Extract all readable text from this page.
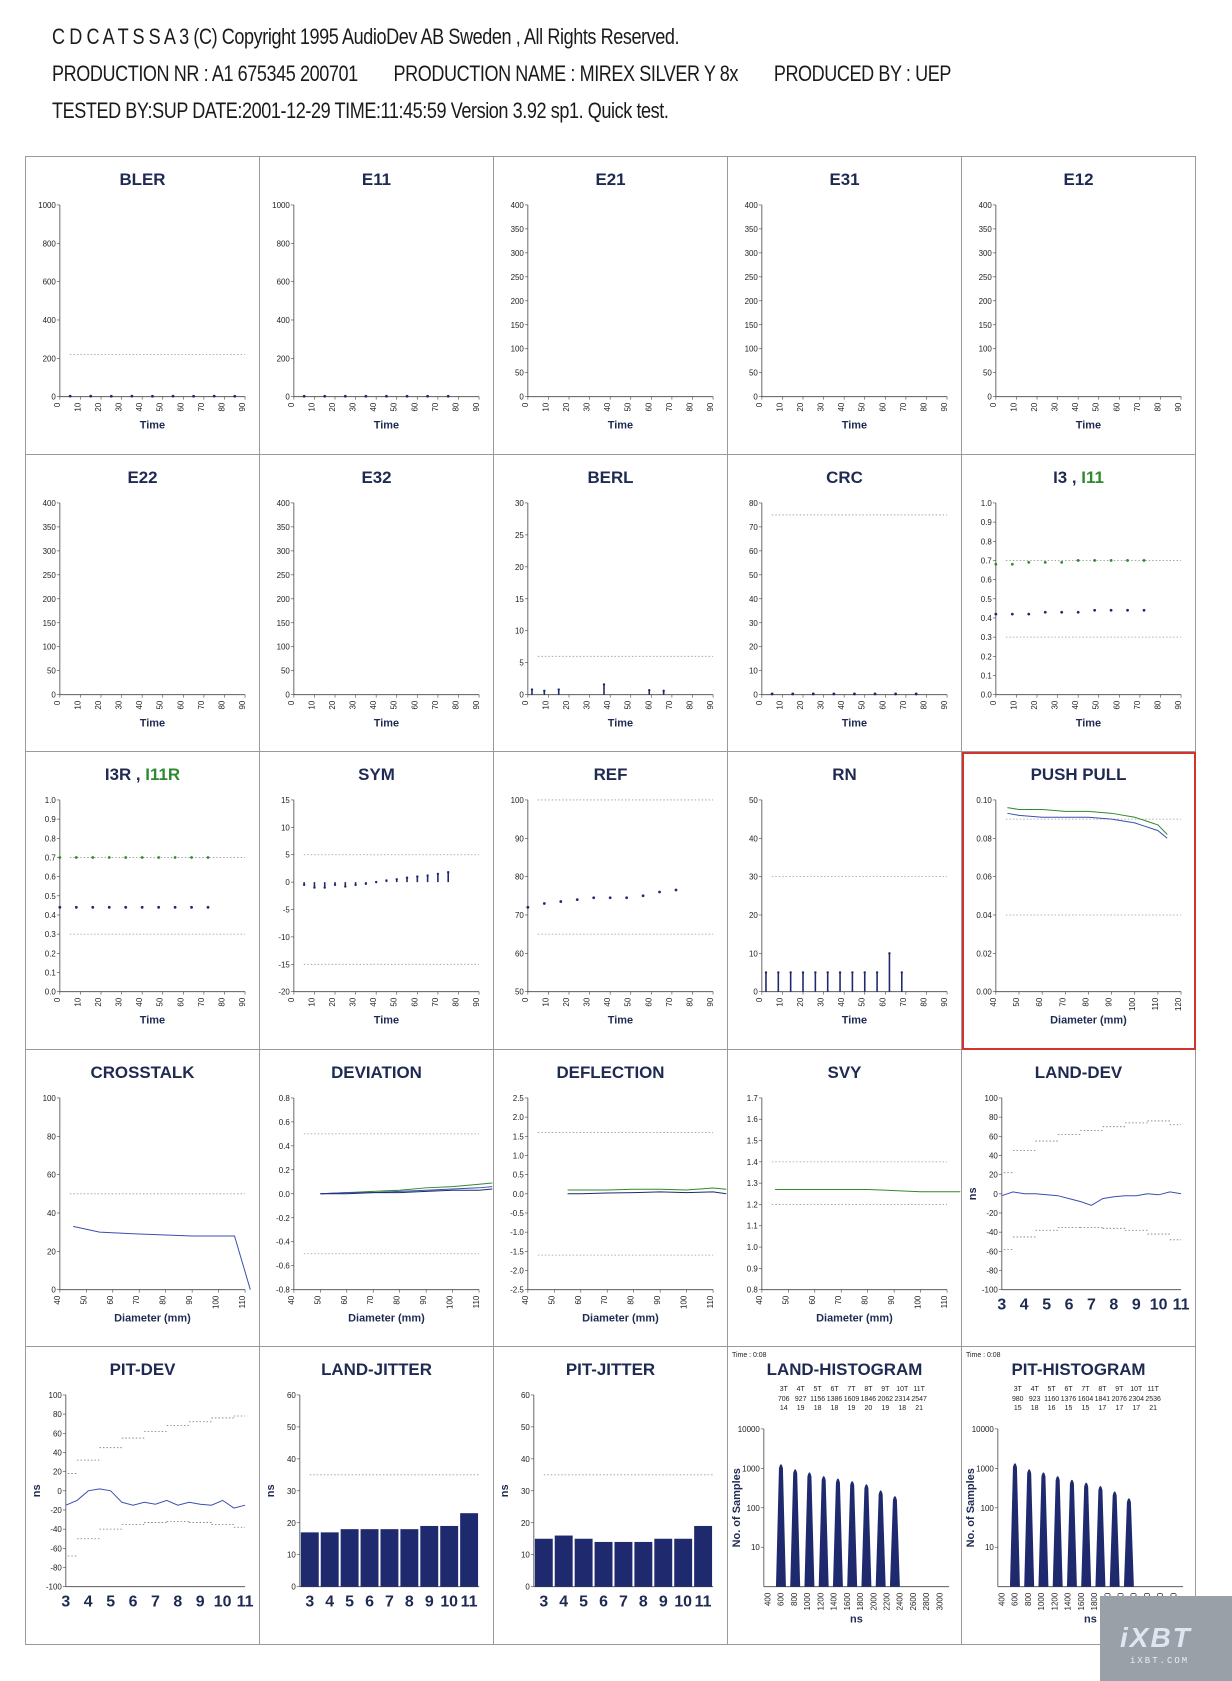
C D C A T S S A 3 (C) Copyright 1995 AudioDev AB Sweden , All Rights Reserved.
PRODUCTION NR : A1 675345 200701 PRODUCTION NAME : MIREX SILVER Y 8x PRODUCED BY : UEP
TESTED BY:SUP DATE:2001-12-29 TIME:11:45:59 Version 3.92 sp1. Quick test.
BLER
0
200
400
600
800
1000
0 10 20 30 40 50 60 70 80 90
Time
E11
0
200
400
600
800
1000
0 10 20 30 40 50 60 70 80 90
Time
E21
0
50
100
150
200
250
300
350
400
0 10 20 30 40 50 60 70 80 90
Time
E31
0
50
100
150
200
250
300
350
400
0 10 20 30 40 50 60 70 80 90
Time
E12
0
50
100
150
200
250
300
350
400
0 10 20 30 40 50 60 70 80 90
Time
E22
0
50
100
150
200
250
300
350
400
0 10 20 30 40 50 60 70 80 90
Time
E32
0
50
100
150
200
250
300
350
400
0 10 20 30 40 50 60 70 80 90
Time
BERL
0
5
10
15
20
25
30
0 10 20 30 40 50 60 70 80 90
Time
CRC
0
10
20
30
40
50
60
70
80
0 10 20 30 40 50 60 70 80 90
Time
I3 , I11
0.0
0.1
0.2
0.3
0.4
0.5
0.6
0.7
0.8
0.9
1.0
0 10 20 30 40 50 60 70 80 90
Time
I3R , I11R
0.0
0.1
0.2
0.3
0.4
0.5
0.6
0.7
0.8
0.9
1.0
0 10 20 30 40 50 60 70 80 90
Time
SYM
-20
-15
-10
-5
0
5
10
15
0 10 20 30 40 50 60 70 80 90
Time
REF
50
60
70
80
90
100
0 10 20 30 40 50 60 70 80 90
Time
RN
0
10
20
30
40
50
0 10 20 30 40 50 60 70 80 90
Time
PUSH PULL
0.00
0.02
0.04
0.06
0.08
0.10
40 50 60 70 80 90 100 110 120
Diameter (mm)
CROSSTALK
0
20
40
60
80
100
40 50 60 70 80 90 100 110
Diameter (mm)
DEVIATION
-0.8
-0.6
-0.4
-0.2
0.0
0.2
0.4
0.6
0.8
40 50 60 70 80 90 100 110
Diameter (mm)
DEFLECTION
-2.5
-2.0
-1.5
-1.0
-0.5
0.0
0.5
1.0
1.5
2.0
2.5
40 50 60 70 80 90 100 110
Diameter (mm)
SVY
0.8
0.9
1.0
1.1
1.2
1.3
1.4
1.5
1.6
1.7
40 50 60 70 80 90 100 110
Diameter (mm)
LAND-DEV
-100
-80
-60
-40
-20
0
20
40
60
80
100
3 4 5 6 7 8 9 10 11
ns
PIT-DEV
-100
-80
-60
-40
-20
0
20
40
60
80
100
3 4 5 6 7 8 9 10 11
ns
LAND-JITTER
0
10
20
30
40
50
60
3 4 5 6 7 8 9 10 11
ns
PIT-JITTER
0
10
20
30
40
50
60
3 4 5 6 7 8 9 10 11
ns
LAND-HISTOGRAM
10
100
1000
10000
400 600 800 1000 1200 1400 1600 1800 2000 2200 2400 2600 2800 3000
ns
No. of Samples
Time : 0:08
3T
706
14
4T
927
19
5T
1156
18
6T
1386
18
7T
1609
19
8T
1846
20
9T
2062
19
10T
2314
18
11T
2547
21
PIT-HISTOGRAM
10
100
1000
10000
400 600 800 1000 1200 1400 1600 1800
ns
No. of Samples
Time : 0:08
3T
980
15
4T
923
18
5T
1160
16
6T
1376
15
7T
1604
15
8T
1841
17
9T
2076
17
10T
2304
17
11T
2536
21
iXBT
iXBT.COM
